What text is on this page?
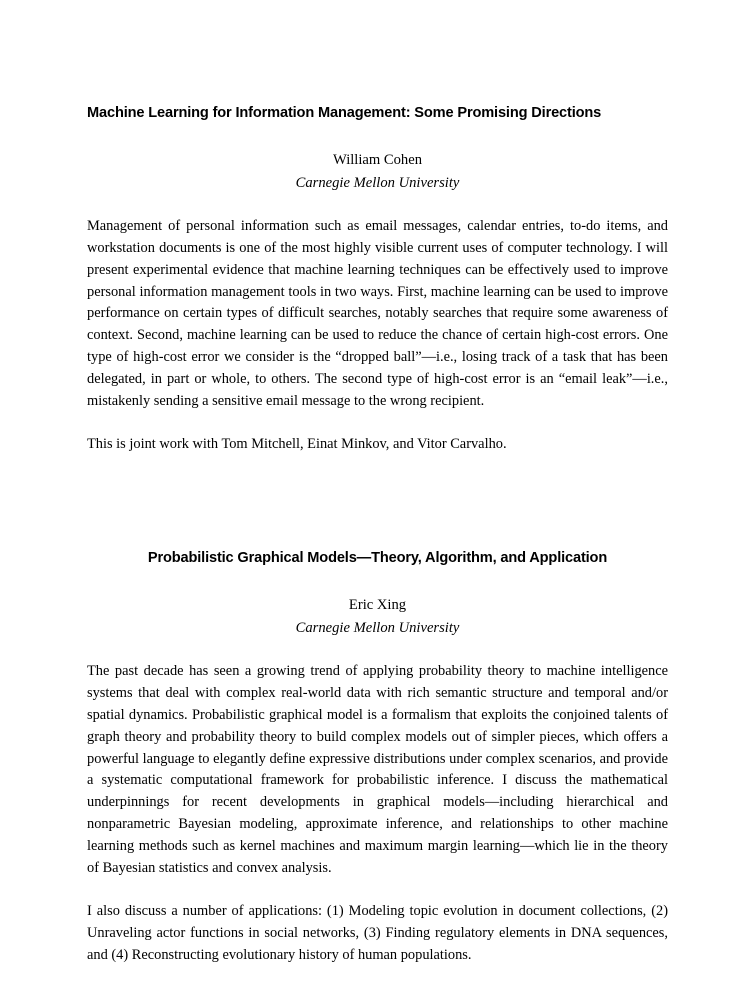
Machine Learning for Information Management: Some Promising Directions

William Cohen

Carnegie Mellon University

Management of personal information such as email messages, calendar entries, to-do items, and workstation documents is one of the most highly visible current uses of computer technology. I will present experimental evidence that machine learning techniques can be effectively used to improve personal information management tools in two ways. First, machine learning can be used to improve performance on certain types of difficult searches, notably searches that require some awareness of context. Second, machine learning can be used to reduce the chance of certain high-cost errors. One type of high-cost error we consider is the “dropped ball”—i.e., losing track of a task that has been delegated, in part or whole, to others. The second type of high-cost error is an “email leak”—i.e., mistakenly sending a sensitive email message to the wrong recipient.

This is joint work with Tom Mitchell, Einat Minkov, and Vitor Carvalho.

Probabilistic Graphical Models—Theory, Algorithm, and Application

Eric Xing

Carnegie Mellon University

The past decade has seen a growing trend of applying probability theory to machine intelligence systems that deal with complex real-world data with rich semantic structure and temporal and/or spatial dynamics. Probabilistic graphical model is a formalism that exploits the conjoined talents of graph theory and probability theory to build complex models out of simpler pieces, which offers a powerful language to elegantly define expressive distributions under complex scenarios, and provide a systematic computational framework for probabilistic inference. I discuss the mathematical underpinnings for recent developments in graphical models—including hierarchical and nonparametric Bayesian modeling, approximate inference, and relationships to other machine learning methods such as kernel machines and maximum margin learning—which lie in the theory of Bayesian statistics and convex analysis.

I also discuss a number of applications: (1) Modeling topic evolution in document collections, (2) Unraveling actor functions in social networks, (3) Finding regulatory elements in DNA sequences, and (4) Reconstructing evolutionary history of human populations.
